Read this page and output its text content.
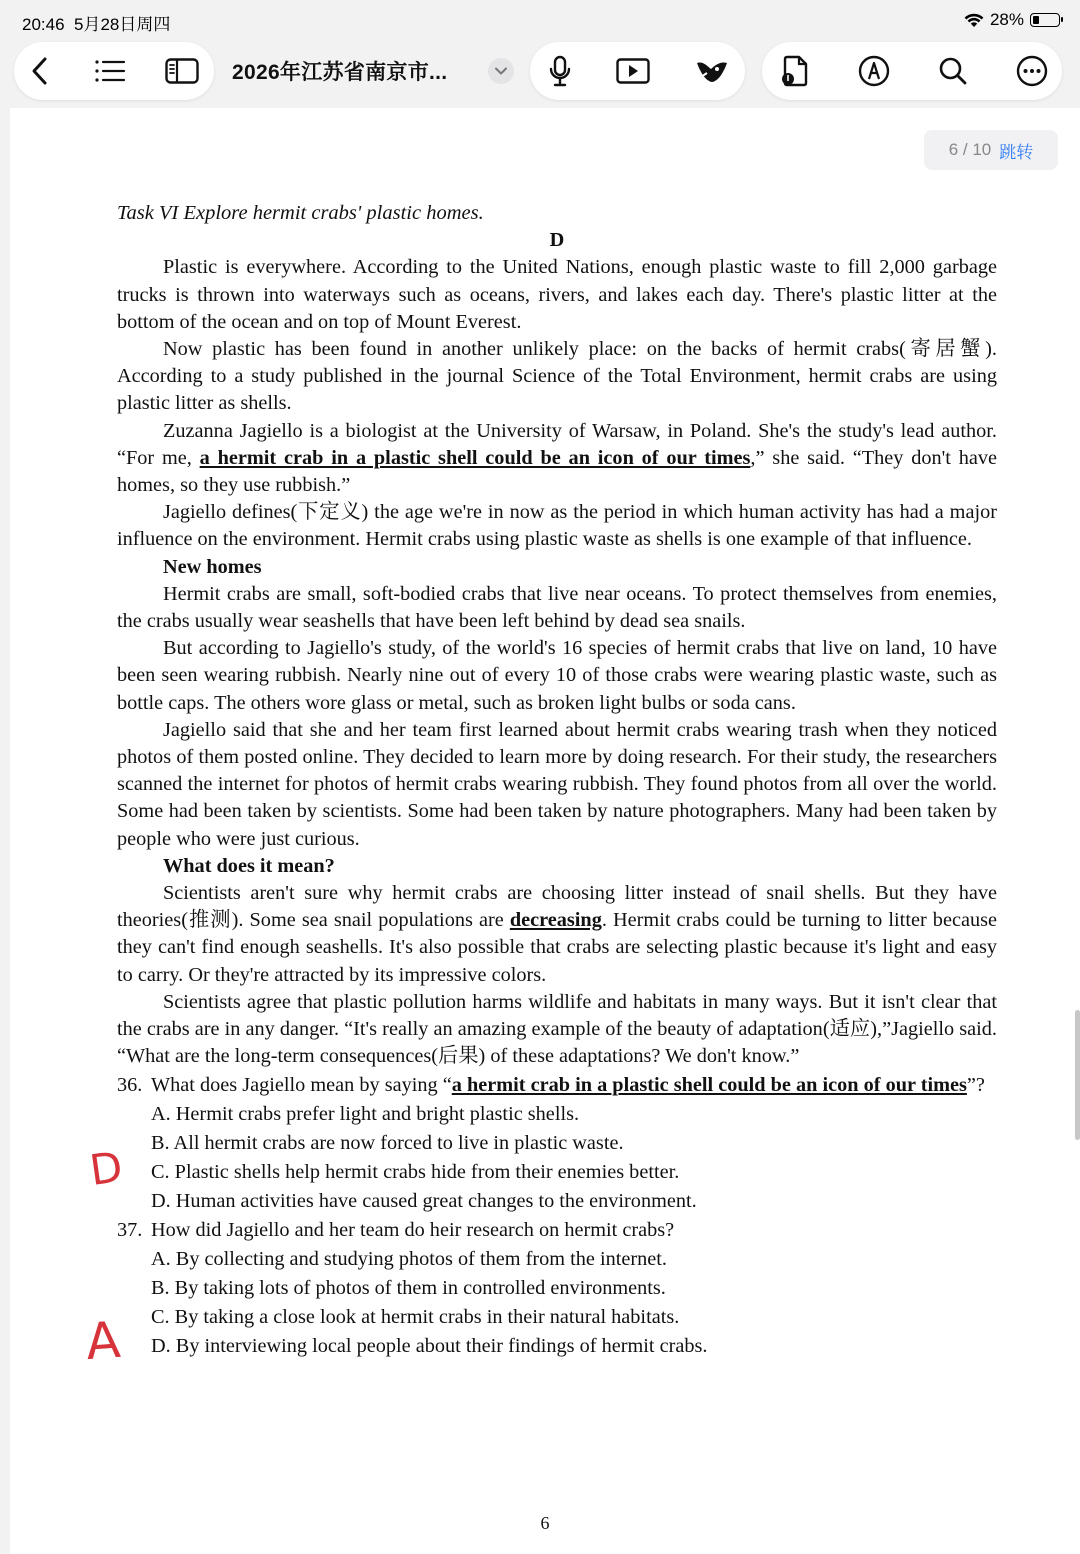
20:46 5月28日周四	28%
2026年江苏省南京市...
6 / 10 跳转

Task VI Explore hermit crabs' plastic homes.

D

Plastic is everywhere. According to the United Nations, enough plastic waste to fill 2,000 garbage trucks is thrown into waterways such as oceans, rivers, and lakes each day. There's plastic litter at the bottom of the ocean and on top of Mount Everest.

Now plastic has been found in another unlikely place: on the backs of hermit crabs(寄居蟹). According to a study published in the journal Science of the Total Environment, hermit crabs are using plastic litter as shells.

Zuzanna Jagiello is a biologist at the University of Warsaw, in Poland. She's the study's lead author. “For me, a hermit crab in a plastic shell could be an icon of our times,” she said. “They don't have homes, so they use rubbish.”

Jagiello defines(下定义) the age we're in now as the period in which human activity has had a major influence on the environment. Hermit crabs using plastic waste as shells is one example of that influence.

New homes

Hermit crabs are small, soft-bodied crabs that live near oceans. To protect themselves from enemies, the crabs usually wear seashells that have been left behind by dead sea snails.

But according to Jagiello's study, of the world's 16 species of hermit crabs that live on land, 10 have been seen wearing rubbish. Nearly nine out of every 10 of those crabs were wearing plastic waste, such as bottle caps. The others wore glass or metal, such as broken light bulbs or soda cans.

Jagiello said that she and her team first learned about hermit crabs wearing trash when they noticed photos of them posted online. They decided to learn more by doing research. For their study, the researchers scanned the internet for photos of hermit crabs wearing rubbish. They found photos from all over the world. Some had been taken by scientists. Some had been taken by nature photographers. Many had been taken by people who were just curious.

What does it mean?

Scientists aren't sure why hermit crabs are choosing litter instead of snail shells. But they have theories(推测). Some sea snail populations are decreasing. Hermit crabs could be turning to litter because they can't find enough seashells. It's also possible that crabs are selecting plastic because it's light and easy to carry. Or they're attracted by its impressive colors.

Scientists agree that plastic pollution harms wildlife and habitats in many ways. But it isn't clear that the crabs are in any danger. “It's really an amazing example of the beauty of adaptation(适应),”Jagiello said. “What are the long-term consequences(后果) of these adaptations? We don't know.”

36. What does Jagiello mean by saying “a hermit crab in a plastic shell could be an icon of our times”?

A. Hermit crabs prefer light and bright plastic shells.

B. All hermit crabs are now forced to live in plastic waste.

C. Plastic shells help hermit crabs hide from their enemies better.

D. Human activities have caused great changes to the environment.

37. How did Jagiello and her team do heir research on hermit crabs?

A. By collecting and studying photos of them from the internet.

B. By taking lots of photos of them in controlled environments.

C. By taking a close look at hermit crabs in their natural habitats.

D. By interviewing local people about their findings of hermit crabs.

D
A
6
